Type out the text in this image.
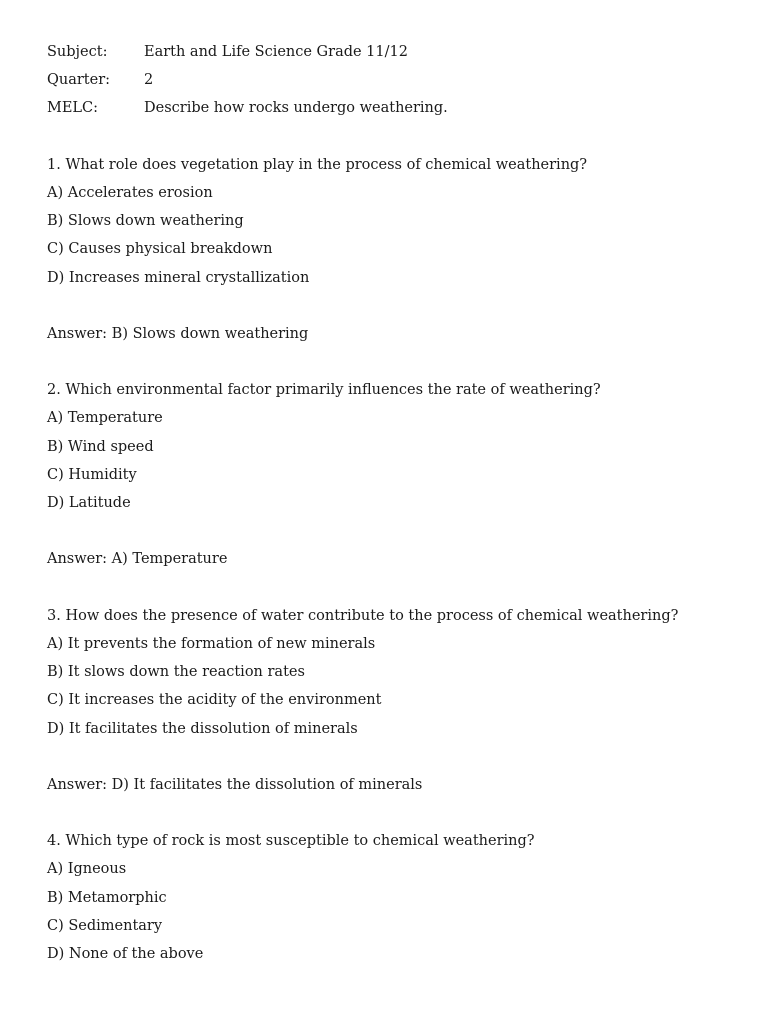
Subject:	Earth and Life Science Grade 11/12
Quarter: 2
MELC:	Describe how rocks undergo weathering.
1. What role does vegetation play in the process of chemical weathering?
A) Accelerates erosion
B) Slows down weathering
C) Causes physical breakdown
D) Increases mineral crystallization
Answer: B) Slows down weathering
2. Which environmental factor primarily influences the rate of weathering?
A) Temperature
B) Wind speed
C) Humidity
D) Latitude
Answer: A) Temperature
3. How does the presence of water contribute to the process of chemical weathering?
A) It prevents the formation of new minerals
B) It slows down the reaction rates
C) It increases the acidity of the environment
D) It facilitates the dissolution of minerals
Answer: D) It facilitates the dissolution of minerals
4. Which type of rock is most susceptible to chemical weathering?
A) Igneous
B) Metamorphic
C) Sedimentary
D) None of the above
